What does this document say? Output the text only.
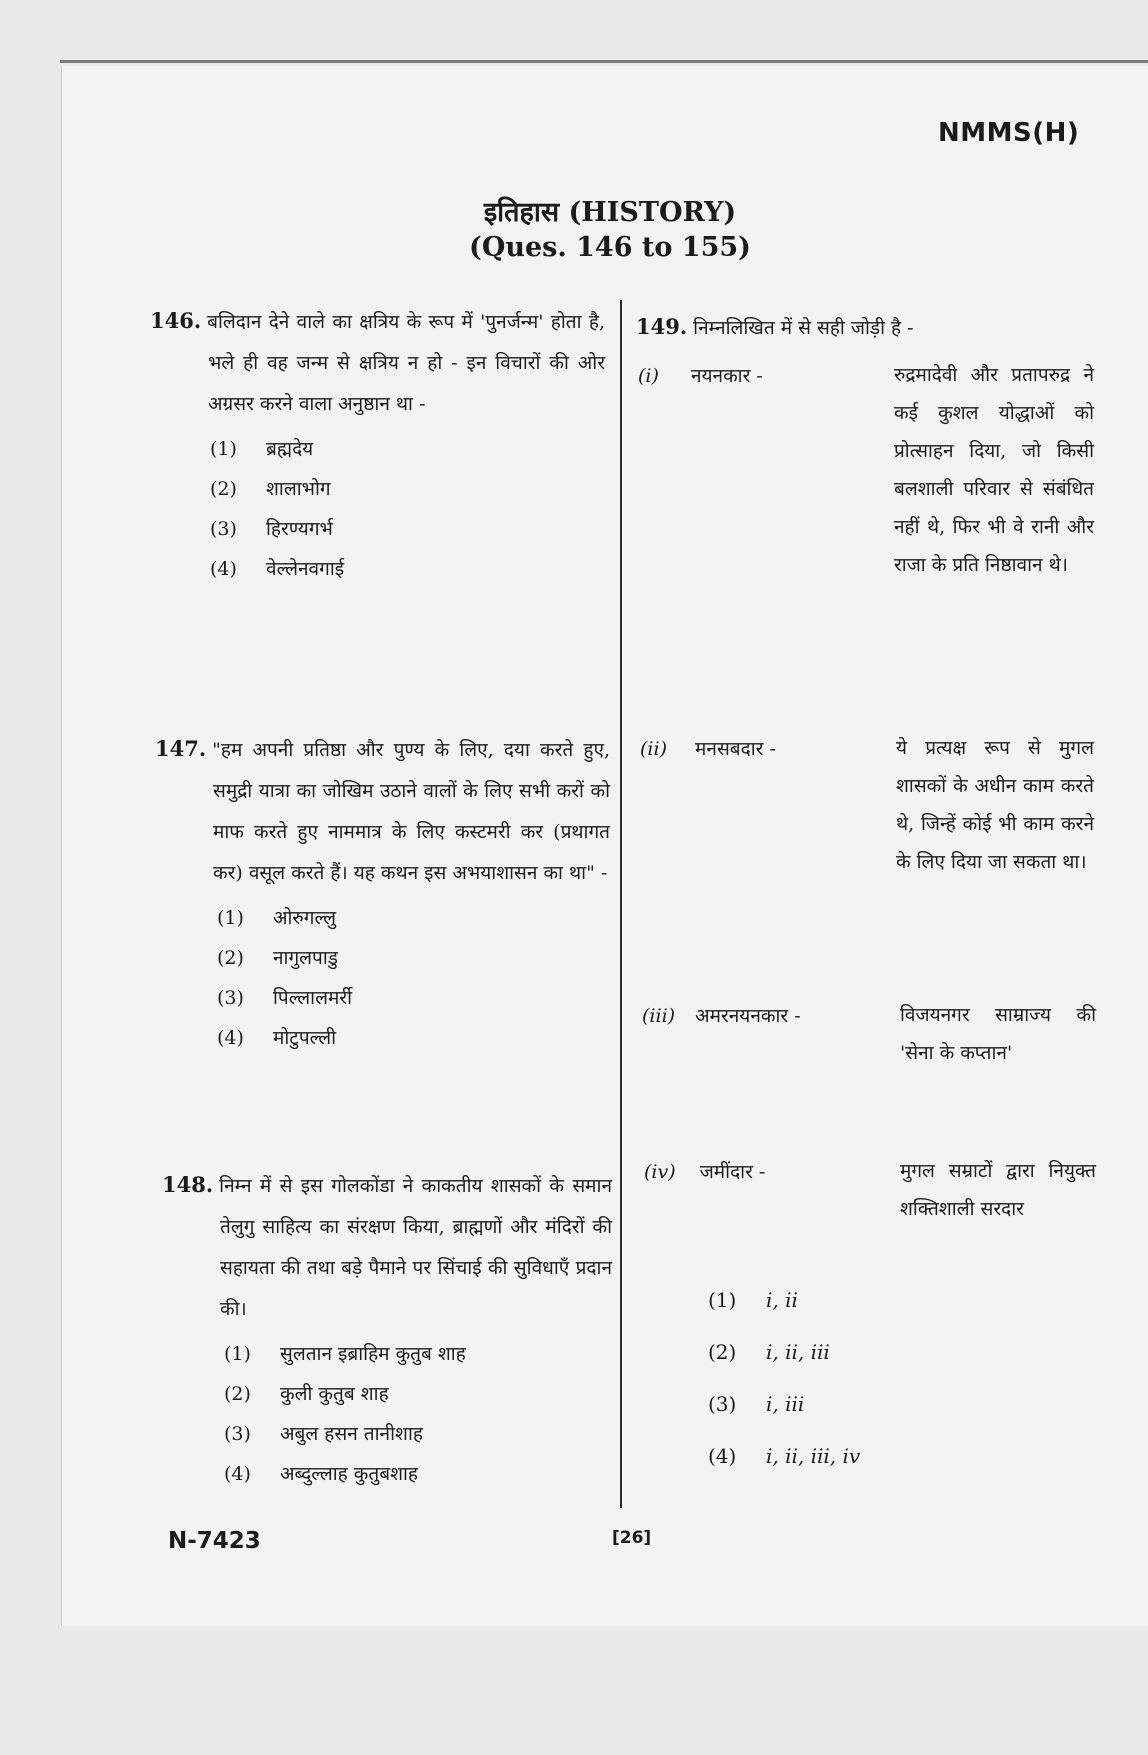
NMMS(H)
इतिहास (HISTORY)
(Ques. 146 to 155)
146. बलिदान देने वाले का क्षत्रिय के रूप में 'पुनर्जन्म' होता है, भले ही वह जन्म से क्षत्रिय न हो - इन विचारों की ओर अग्रसर करने वाला अनुष्ठान था -
(1) ब्रह्मदेय
(2) शालाभोग
(3) हिरण्यगर्भ
(4) वेल्लेनवगाई
147. "हम अपनी प्रतिष्ठा और पुण्य के लिए, दया करते हुए, समुद्री यात्रा का जोखिम उठाने वालों के लिए सभी करों को माफ करते हुए नाममात्र के लिए कस्टमरी कर (प्रथागत कर) वसूल करते हैं। यह कथन इस अभयाशासन का था" -
(1) ओरुगल्लु
(2) नागुलपाडु
(3) पिल्लालमर्री
(4) मोटुपल्ली
148. निम्न में से इस गोलकोंडा ने काकतीय शासकों के समान तेलुगु साहित्य का संरक्षण किया, ब्राह्मणों और मंदिरों की सहायता की तथा बड़े पैमाने पर सिंचाई की सुविधाएँ प्रदान की।
(1) सुलतान इब्राहिम कुतुब शाह
(2) कुली कुतुब शाह
(3) अबुल हसन तानीशाह
(4) अब्दुल्लाह कुतुबशाह
149. निम्नलिखित में से सही जोड़ी है -
(i) नयनकार -	रुद्रमादेवी और प्रतापरुद्र ने कई कुशल योद्धाओं को प्रोत्साहन दिया, जो किसी बलशाली परिवार से संबंधित नहीं थे, फिर भी वे रानी और राजा के प्रति निष्ठावान थे।
(ii) मनसबदार -	ये प्रत्यक्ष रूप से मुगल शासकों के अधीन काम करते थे, जिन्हें कोई भी काम करने के लिए दिया जा सकता था।
(iii) अमरनयनकार -	विजयनगर साम्राज्य की 'सेना के कप्तान'
(iv) जमींदार -	मुगल सम्राटों द्वारा नियुक्त शक्तिशाली सरदार
(1) i, ii
(2) i, ii, iii
(3) i, iii
(4) i, ii, iii, iv
N-7423	[26]
